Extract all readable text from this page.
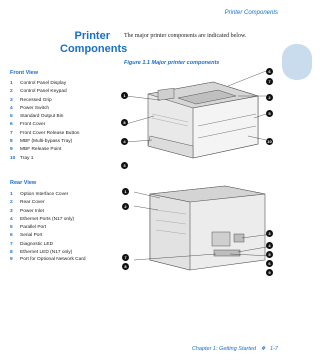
Printer Components
Printer
Components
The major printer components are indicated below.
Figure 1.1 Major printer components
6
7
2
5
10
1
8
4
3
1
2
3
4
5
6
7
8
9
Front View
1	Control Panel Display
2	Control Panel Keypad
3	Recessed Grip
4	Power Switch
5	Standard Output Bin
6	Front Cover
7	Front Cover Release Button
8	MBF (Multi-bypass Tray)
9	MBF Release Point
10 Tray 1
Rear View
1	Option Interface Cover
2	Rear Cover
3	Power Inlet
4	Ethernet Ports (N17 only)
5	Parallel Port
6	Serial Port
7	Diagnostic LED
8	Ethernet LED (N17 only)
9	Port for Optional Network Card
Chapter 1: Getting Started ❖ 1-7
